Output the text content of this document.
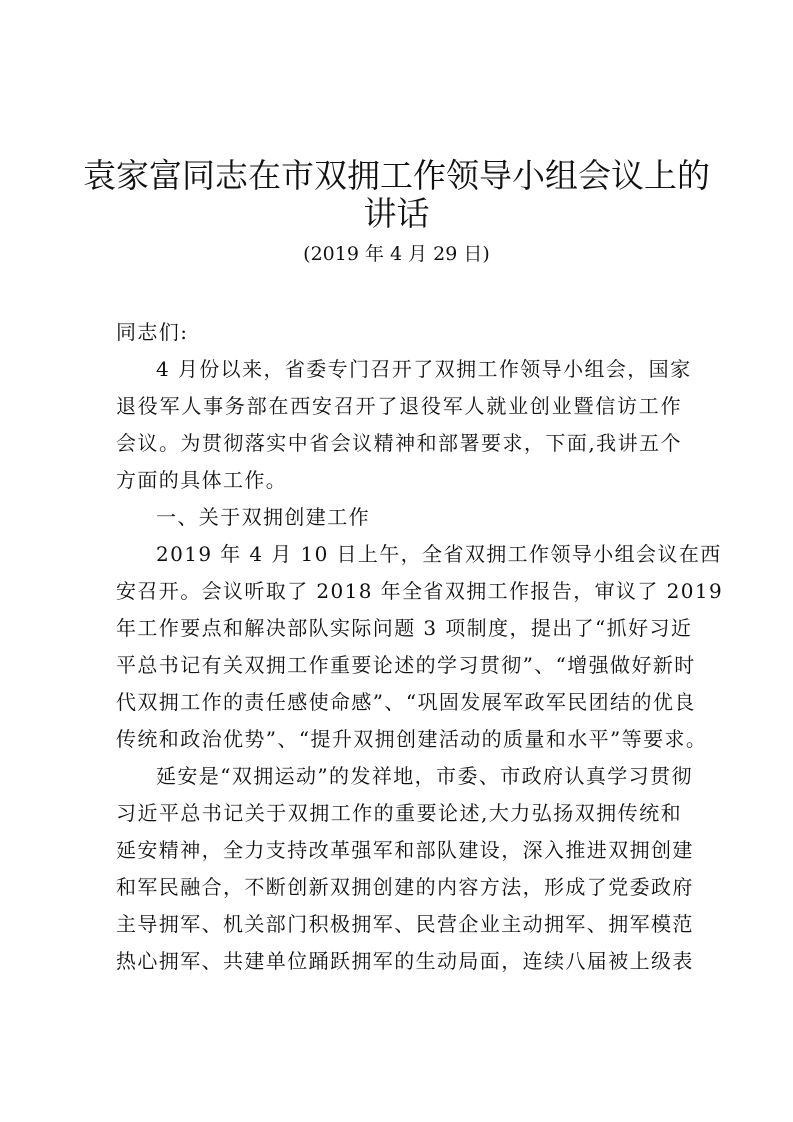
袁家富同志在市双拥工作领导小组会议上的
讲话
(2019 年 4 月 29 日)
同志们:
4 月份以来，省委专门召开了双拥工作领导小组会，国家
退役军人事务部在西安召开了退役军人就业创业暨信访工作
会议。为贯彻落实中省会议精神和部署要求，下面,我讲五个
方面的具体工作。
一、关于双拥创建工作
2019 年 4 月 10 日上午，全省双拥工作领导小组会议在西
安召开。会议听取了 2018 年全省双拥工作报告，审议了 2019
年工作要点和解决部队实际问题 3 项制度，提出了“抓好习近
平总书记有关双拥工作重要论述的学习贯彻”、“增强做好新时
代双拥工作的责任感使命感”、“巩固发展军政军民团结的优良
传统和政治优势”、“提升双拥创建活动的质量和水平”等要求。
延安是“双拥运动”的发祥地，市委、市政府认真学习贯彻
习近平总书记关于双拥工作的重要论述,大力弘扬双拥传统和
延安精神，全力支持改革强军和部队建设，深入推进双拥创建
和军民融合，不断创新双拥创建的内容方法，形成了党委政府
主导拥军、机关部门积极拥军、民营企业主动拥军、拥军模范
热心拥军、共建单位踊跃拥军的生动局面，连续八届被上级表
